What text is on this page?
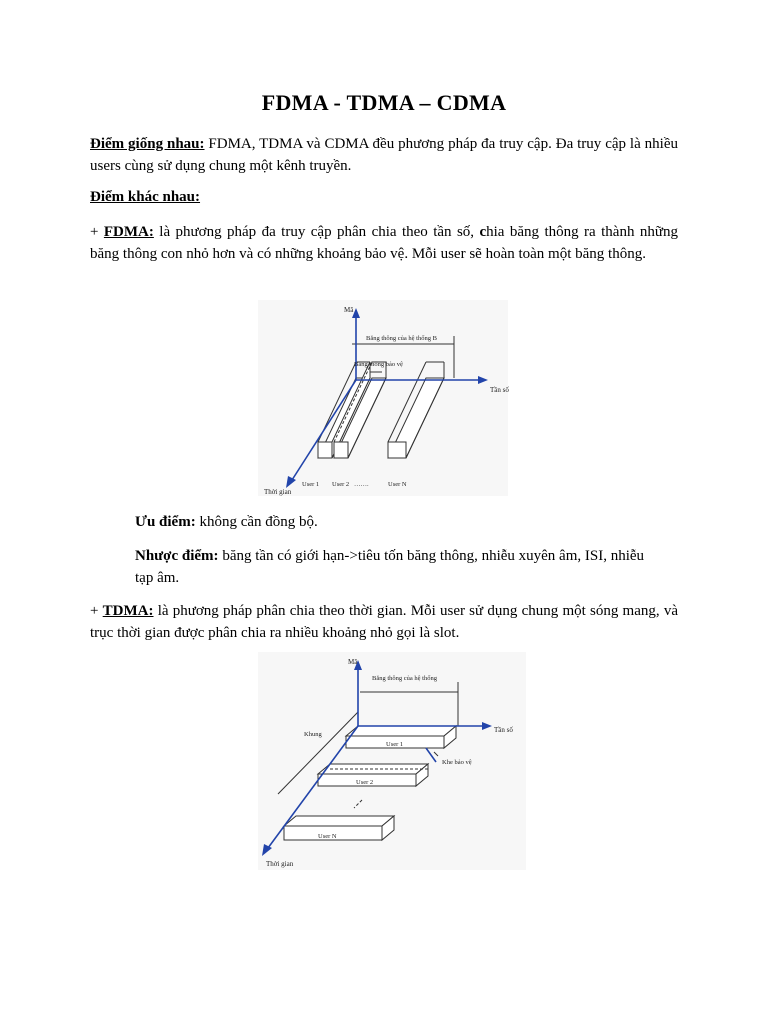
FDMA - TDMA – CDMA
Điểm giống nhau: FDMA, TDMA và CDMA đều phương pháp đa truy cập. Đa truy cập là nhiều users cùng sử dụng chung một kênh truyền.
Điểm khác nhau:
+ FDMA: là phương pháp đa truy cập phân chia theo tần số, chia băng thông ra thành những băng thông con nhỏ hơn và có những khoảng bảo vệ. Mỗi user sẽ hoàn toàn một băng thông.
Mã
Tần số
Thời gian
Băng thông của hệ thống B
Băng thông bảo vệ
User 1 User 2 …….	User N
Ưu điểm: không cần đồng bộ.
Nhược điểm: băng tần có giới hạn->tiêu tốn băng thông, nhiễu xuyên âm, ISI, nhiễu tạp âm.
+ TDMA: là phương pháp phân chia theo thời gian. Mỗi user sử dụng chung một sóng mang, và trục thời gian được phân chia ra nhiều khoảng nhỏ gọi là slot.
Mã
Tần số
Thời gian
Băng thông của hệ thống
Khung
Khe bảo vệ
User 1
User 2
User N
